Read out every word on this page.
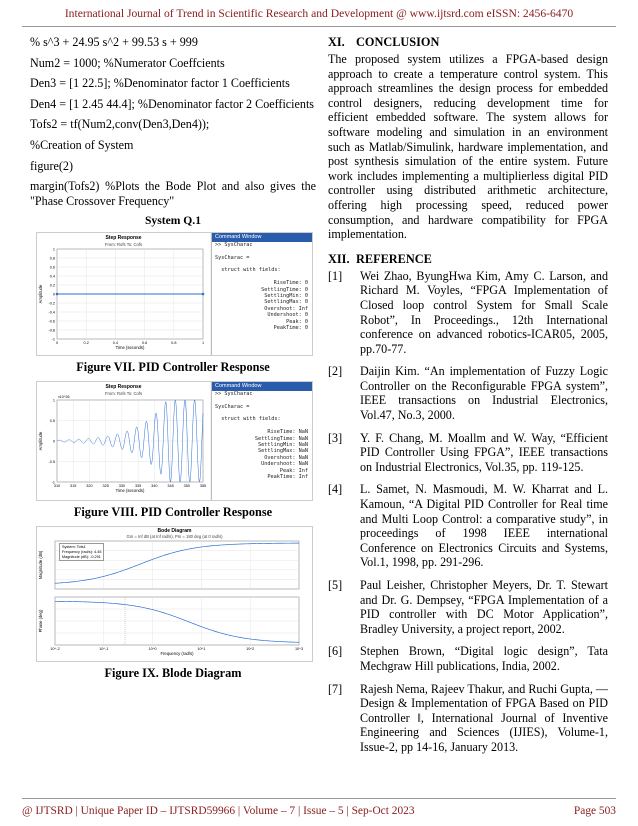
International Journal of Trend in Scientific Research and Development @ www.ijtsrd.com eISSN: 2456-6470

% s^3 + 24.95 s^2 + 99.53 s + 999

Num2 = 1000; %Numerator Coeffcients

Den3 = [1 22.5]; %Denominator factor 1 Coefficients

Den4 = [1 2.45 44.4]; %Denominator factor 2 Coefficients

Tofs2 = tf(Num2,conv(Den3,Den4));

%Creation of System

figure(2)

margin(Tofs2) %Plots the Bode Plot and also gives the "Phase Crossover Frequency"

System Q.1
Step Response
From: Rofs To: Cofs
0	0.2	0.4	0.6	0.8	1
1
0.8
0.6
0.4
0.2
0
-0.2
-0.4
-0.6
-0.8
-1
Time (seconds)
Amplitude
Command Window
>> SysCharac

SysCharac =

struct with fields:

RiseTime: 0
SettlingTime: 0
SettlingMin: 0
SettlingMax: 0
Overshoot: Inf
Undershoot: 0
Peak: 0
PeakTime: 0
Figure VII. PID Controller Response
Step Response
From: Rofs To: Cofs
310	315	320	325	330	335	340	345	350	355
1
0.5
0
-0.5
-1
Time (seconds)
Amplitude
x10^26
Command Window
>> SysCharac

SysCharac =

struct with fields:

RiseTime: NaN
SettlingTime: NaN
SettlingMin: NaN
SettlingMax: NaN
Overshoot: NaN
Undershoot: NaN
Peak: Inf
PeakTime: Inf
Figure VIII. PID Controller Response
Bode Diagram
Gm = Inf dB (at Inf rad/s), Pm = 180 deg (at 0 rad/s)
Magnitude (dB)
10^-2	10^-1	10^0	10^1	10^2	10^3
Frequency (rad/s)
Phase (deg)
System: Tofs1
Frequency (rad/s): 4.45
Magnitude (dB): -0.291
Figure IX. Blode Diagram
XI. CONCLUSION

The proposed system utilizes a FPGA-based design approach to create a temperature control system. This approach streamlines the design process for embedded control designers, reducing development time for efficient embedded software. The system allows for software modeling and simulation in an environment such as Matlab/Simulink, hardware implementation, and post synthesis simulation of the entire system. Future work includes implementing a multiplierless digital PID controller using distributed arithmetic architecture, offering high processing speed, reduced power consumption, and hardware compatibility for FPGA implementation.

XII. REFERENCE
[1]	Wei Zhao, ByungHwa Kim, Amy C. Larson, and Richard M. Voyles, “FPGA Implementation of Closed loop control System for Small Scale Robot”, In Proceedings., 12th International conference on advanced robotics-ICAR05, 2005, pp.70-77.
[2]	Daijin Kim. “An implementation of Fuzzy Logic Controller on the Reconfigurable FPGA system”, IEEE transactions on Industrial Electronics, Vol.47, No.3, 2000.
[3]	Y. F. Chang, M. Moallm and W. Way, “Efficient PID Controller Using FPGA”, IEEE transactions on Industrial Electronics, Vol.35, pp. 119-125.
[4]	L. Samet, N. Masmoudi, M. W. Kharrat and L. Kamoun, “A Digital PID Controller for Real time and Multi Loop Control: a comparative study”, in proceedings of 1998 IEEE international Conference on Electronics Circuits and Systems, Vol.1, 1998, pp. 291-296.
[5]	Paul Leisher, Christopher Meyers, Dr. T. Stewart and Dr. G. Dempsey, “FPGA Implementation of a PID controller with DC Motor Application”, Bradley University, a project report, 2002.
[6]	Stephen Brown, “Digital logic design”, Tata Mechgraw Hill publications, India, 2002.
[7]	Rajesh Nema, Rajeev Thakur, and Ruchi Gupta, ― Design & Implementation of FPGA Based on PID Controller ǁ, International Journal of Inventive Engineering and Sciences (IJIES), Volume-1, Issue-2, pp 14-16, January 2013.
@ IJTSRD | Unique Paper ID – IJTSRD59966 | Volume – 7 | Issue – 5 | Sep-Oct 2023	Page 503
